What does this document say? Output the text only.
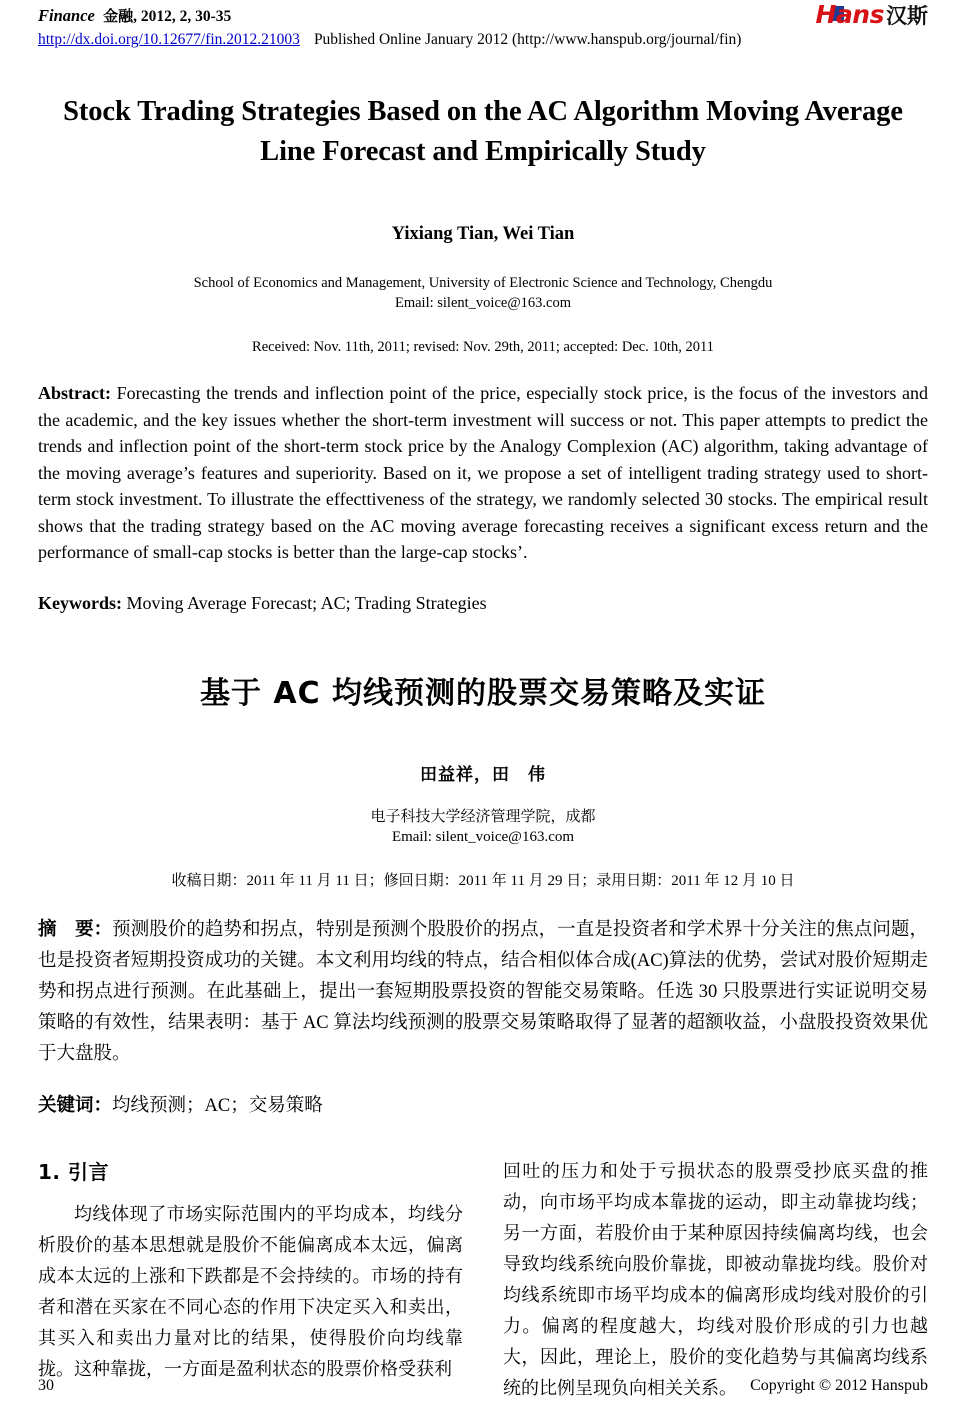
Finance 金融, 2012, 2, 30-35
http://dx.doi.org/10.12677/fin.2012.21003 Published Online January 2012 (http://www.hanspub.org/journal/fin)
Hans 汉斯
Stock Trading Strategies Based on the AC Algorithm Moving Average Line Forecast and Empirically Study
Yixiang Tian, Wei Tian
School of Economics and Management, University of Electronic Science and Technology, Chengdu
Email: silent_voice@163.com
Received: Nov. 11th, 2011; revised: Nov. 29th, 2011; accepted: Dec. 10th, 2011
Abstract: Forecasting the trends and inflection point of the price, especially stock price, is the focus of the investors and the academic, and the key issues whether the short-term investment will success or not. This paper attempts to predict the trends and inflection point of the short-term stock price by the Analogy Complexion (AC) algorithm, taking advantage of the moving average’s features and superiority. Based on it, we propose a set of intelligent trading strategy used to short-term stock investment. To illustrate the effecttiveness of the strategy, we randomly selected 30 stocks. The empirical result shows that the trading strategy based on the AC moving average forecasting receives a significant excess return and the performance of small-cap stocks is better than the large-cap stocks’.
Keywords: Moving Average Forecast; AC; Trading Strategies
基于 AC 均线预测的股票交易策略及实证
田益祥，田　伟
电子科技大学经济管理学院，成都
Email: silent_voice@163.com
收稿日期：2011 年 11 月 11 日；修回日期：2011 年 11 月 29 日；录用日期：2011 年 12 月 10 日
摘　要：预测股价的趋势和拐点，特别是预测个股股价的拐点，一直是投资者和学术界十分关注的焦点问题，也是投资者短期投资成功的关键。本文利用均线的特点，结合相似体合成(AC)算法的优势，尝试对股价短期走势和拐点进行预测。在此基础上，提出一套短期股票投资的智能交易策略。任选 30 只股票进行实证说明交易策略的有效性，结果表明：基于 AC 算法均线预测的股票交易策略取得了显著的超额收益，小盘股投资效果优于大盘股。
关键词：均线预测；AC；交易策略
1. 引言
均线体现了市场实际范围内的平均成本，均线分析股价的基本思想就是股价不能偏离成本太远，偏离成本太远的上涨和下跌都是不会持续的。市场的持有者和潜在买家在不同心态的作用下决定买入和卖出，其买入和卖出力量对比的结果，使得股价向均线靠拢。这种靠拢，一方面是盈利状态的股票价格受获利
回吐的压力和处于亏损状态的股票受抄底买盘的推动，向市场平均成本靠拢的运动，即主动靠拢均线；另一方面，若股价由于某种原因持续偏离均线，也会导致均线系统向股价靠拢，即被动靠拢均线。股价对均线系统即市场平均成本的偏离形成均线对股价的引力。偏离的程度越大，均线对股价形成的引力也越大，因此，理论上，股价的变化趋势与其偏离均线系统的比例呈现负向相关关系。
30	Copyright © 2012 Hanspub
